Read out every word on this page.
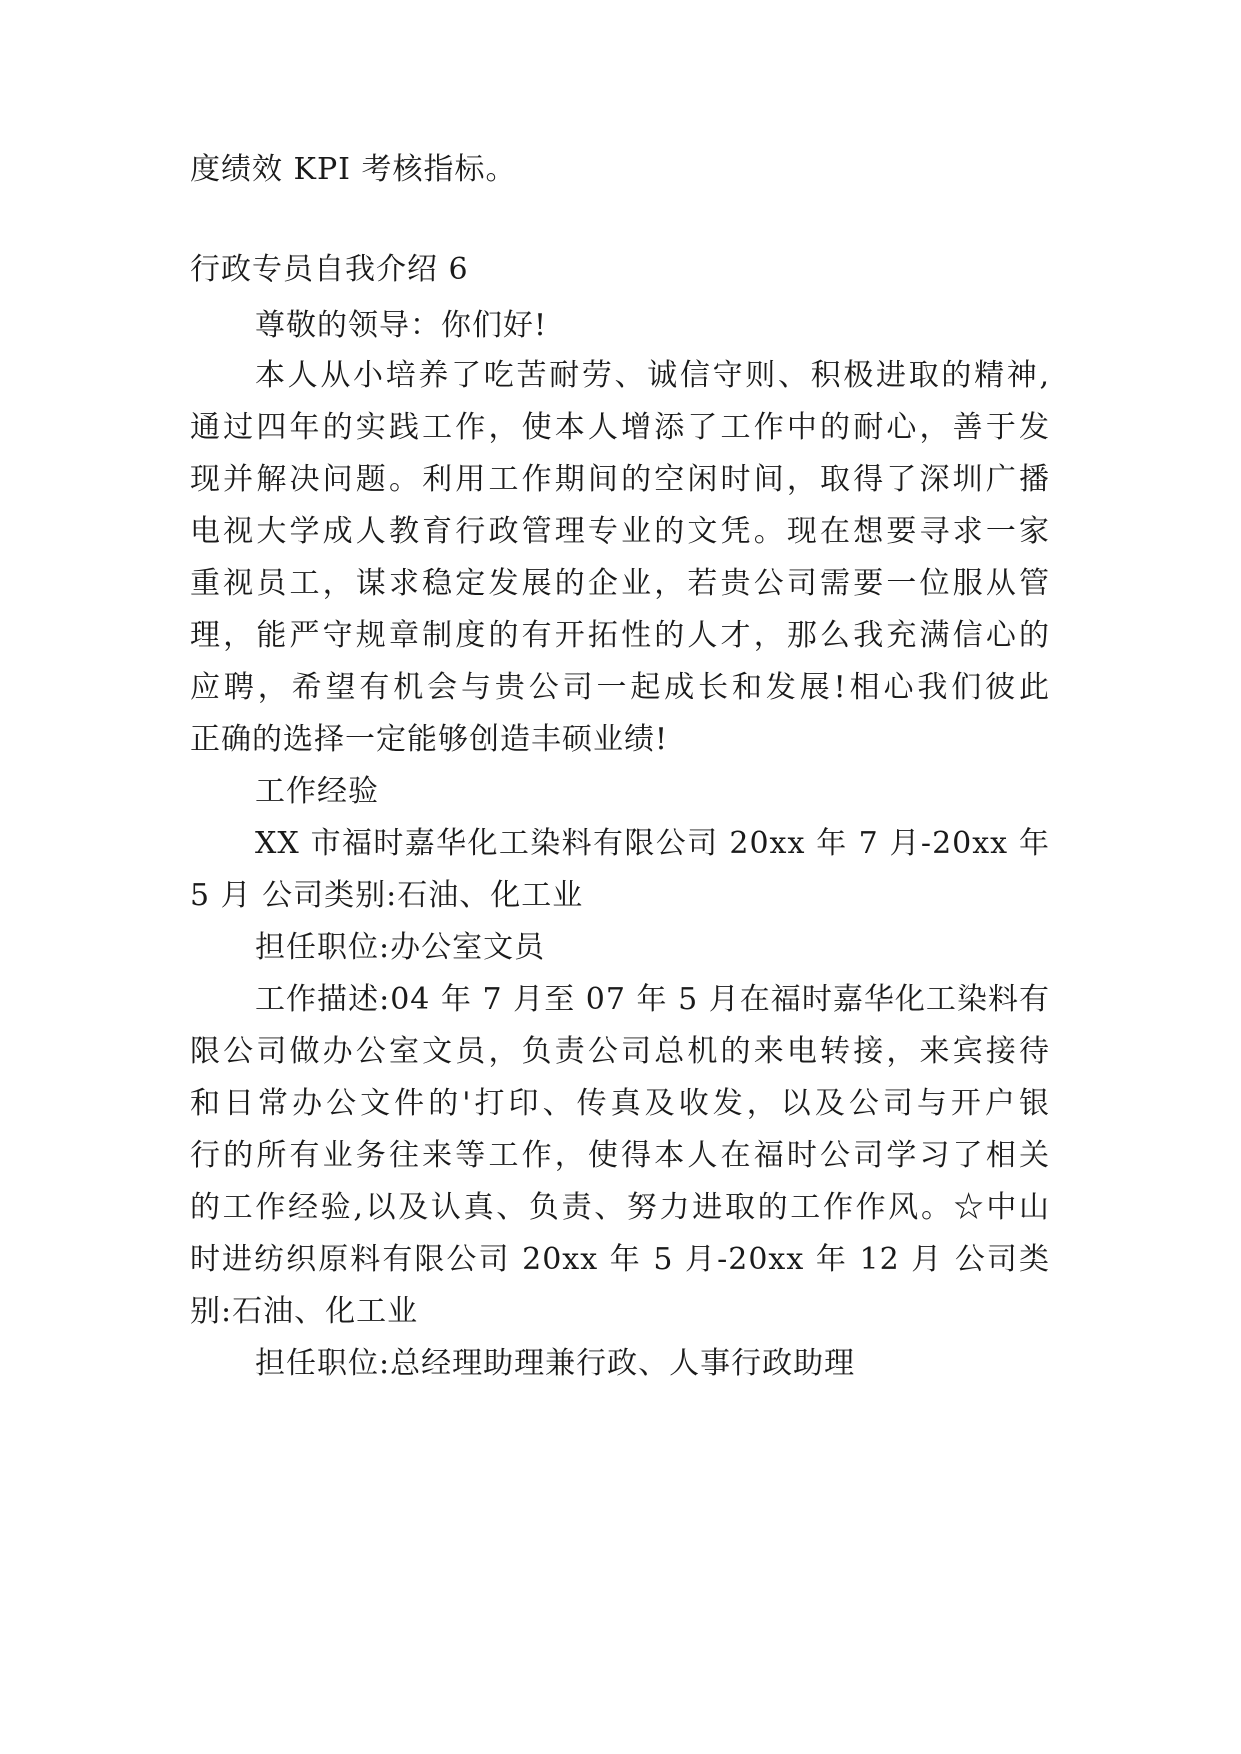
度绩效 KPI 考核指标。
行政专员自我介绍 6
尊敬的领导：你们好!
本人从小培养了吃苦耐劳、诚信守则、积极进取的精神,
通过四年的实践工作，使本人增添了工作中的耐心，善于发
现并解决问题。利用工作期间的空闲时间，取得了深圳广播
电视大学成人教育行政管理专业的文凭。现在想要寻求一家
重视员工，谋求稳定发展的企业，若贵公司需要一位服从管
理，能严守规章制度的有开拓性的人才，那么我充满信心的
应聘，希望有机会与贵公司一起成长和发展!相心我们彼此
正确的选择一定能够创造丰硕业绩!
工作经验
XX 市福时嘉华化工染料有限公司 20xx 年 7 月-20xx 年
5 月 公司类别:石油、化工业
担任职位:办公室文员
工作描述:04 年 7 月至 07 年 5 月在福时嘉华化工染料有
限公司做办公室文员，负责公司总机的来电转接，来宾接待
和日常办公文件的'打印、传真及收发，以及公司与开户银
行的所有业务往来等工作，使得本人在福时公司学习了相关
的工作经验,以及认真、负责、努力进取的工作作风。☆中山
时进纺织原料有限公司 20xx 年 5 月-20xx 年 12 月 公司类
别:石油、化工业
担任职位:总经理助理兼行政、人事行政助理
